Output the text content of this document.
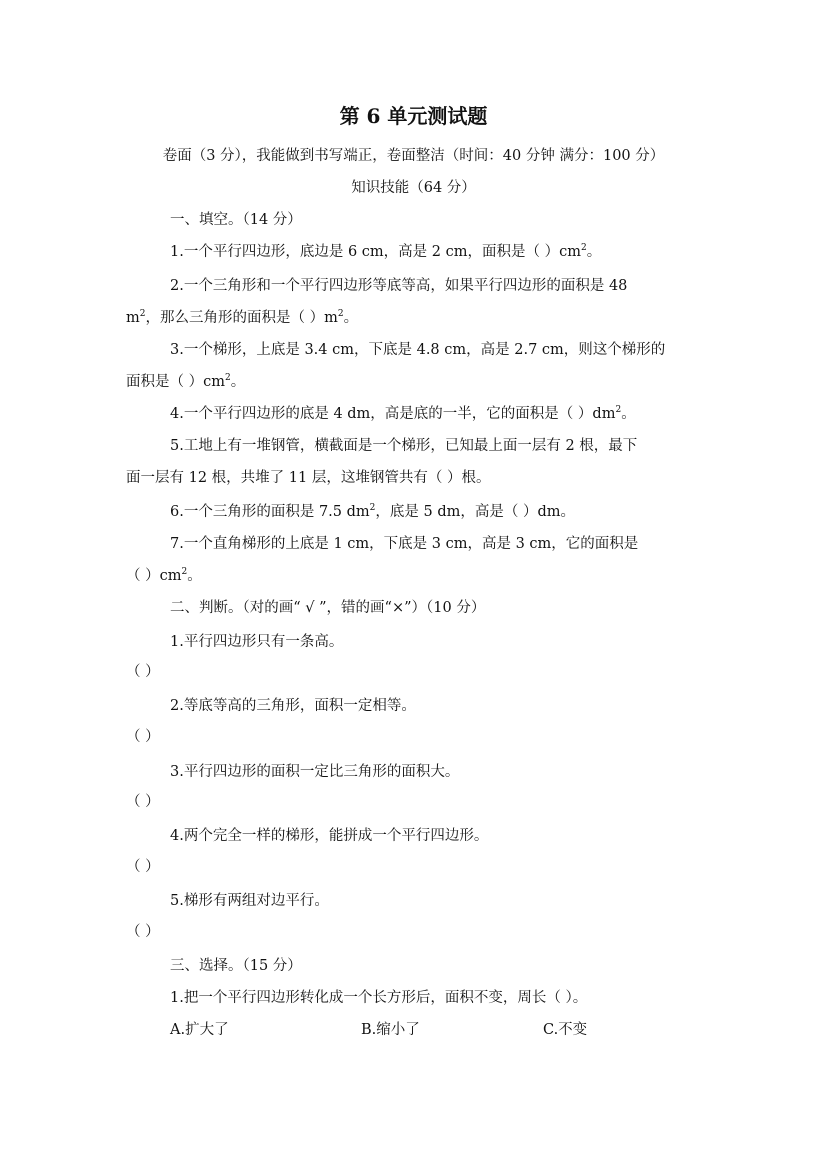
第 6 单元测试题
卷面（3 分），我能做到书写端正，卷面整洁（时间：40 分钟 满分：100 分）
知识技能（64 分）
一、填空。（14 分）
1.一个平行四边形，底边是 6 cm，高是 2 cm，面积是（ ）$cm^2$。
2.一个三角形和一个平行四边形等底等高，如果平行四边形的面积是 48
$m^2$，那么三角形的面积是（ ）$m^2$。
3.一个梯形，上底是 3.4 cm，下底是 4.8 cm，高是 2.7 cm，则这个梯形的
面积是（ ）$cm^2$。
4.一个平行四边形的底是 4 dm，高是底的一半，它的面积是（ ）$dm^2$。
5.工地上有一堆钢管，横截面是一个梯形，已知最上面一层有 2 根，最下
面一层有 12 根，共堆了 11 层，这堆钢管共有（ ）根。
6.一个三角形的面积是 7.5 $dm^2$，底是 5 dm，高是（ ）dm。
7.一个直角梯形的上底是 1 cm，下底是 3 cm，高是 3 cm，它的面积是
（ ）$cm^2$。
二、判断。（对的画“ √ ”，错的画“×”）（10 分）
1.平行四边形只有一条高。
（ ）
2.等底等高的三角形，面积一定相等。
（ ）
3.平行四边形的面积一定比三角形的面积大。
（ ）
4.两个完全一样的梯形，能拼成一个平行四边形。
（ ）
5.梯形有两组对边平行。
（ ）
三、选择。（15 分）
1.把一个平行四边形转化成一个长方形后，面积不变，周长（ ）。
A.扩大了	B.缩小了	C.不变
